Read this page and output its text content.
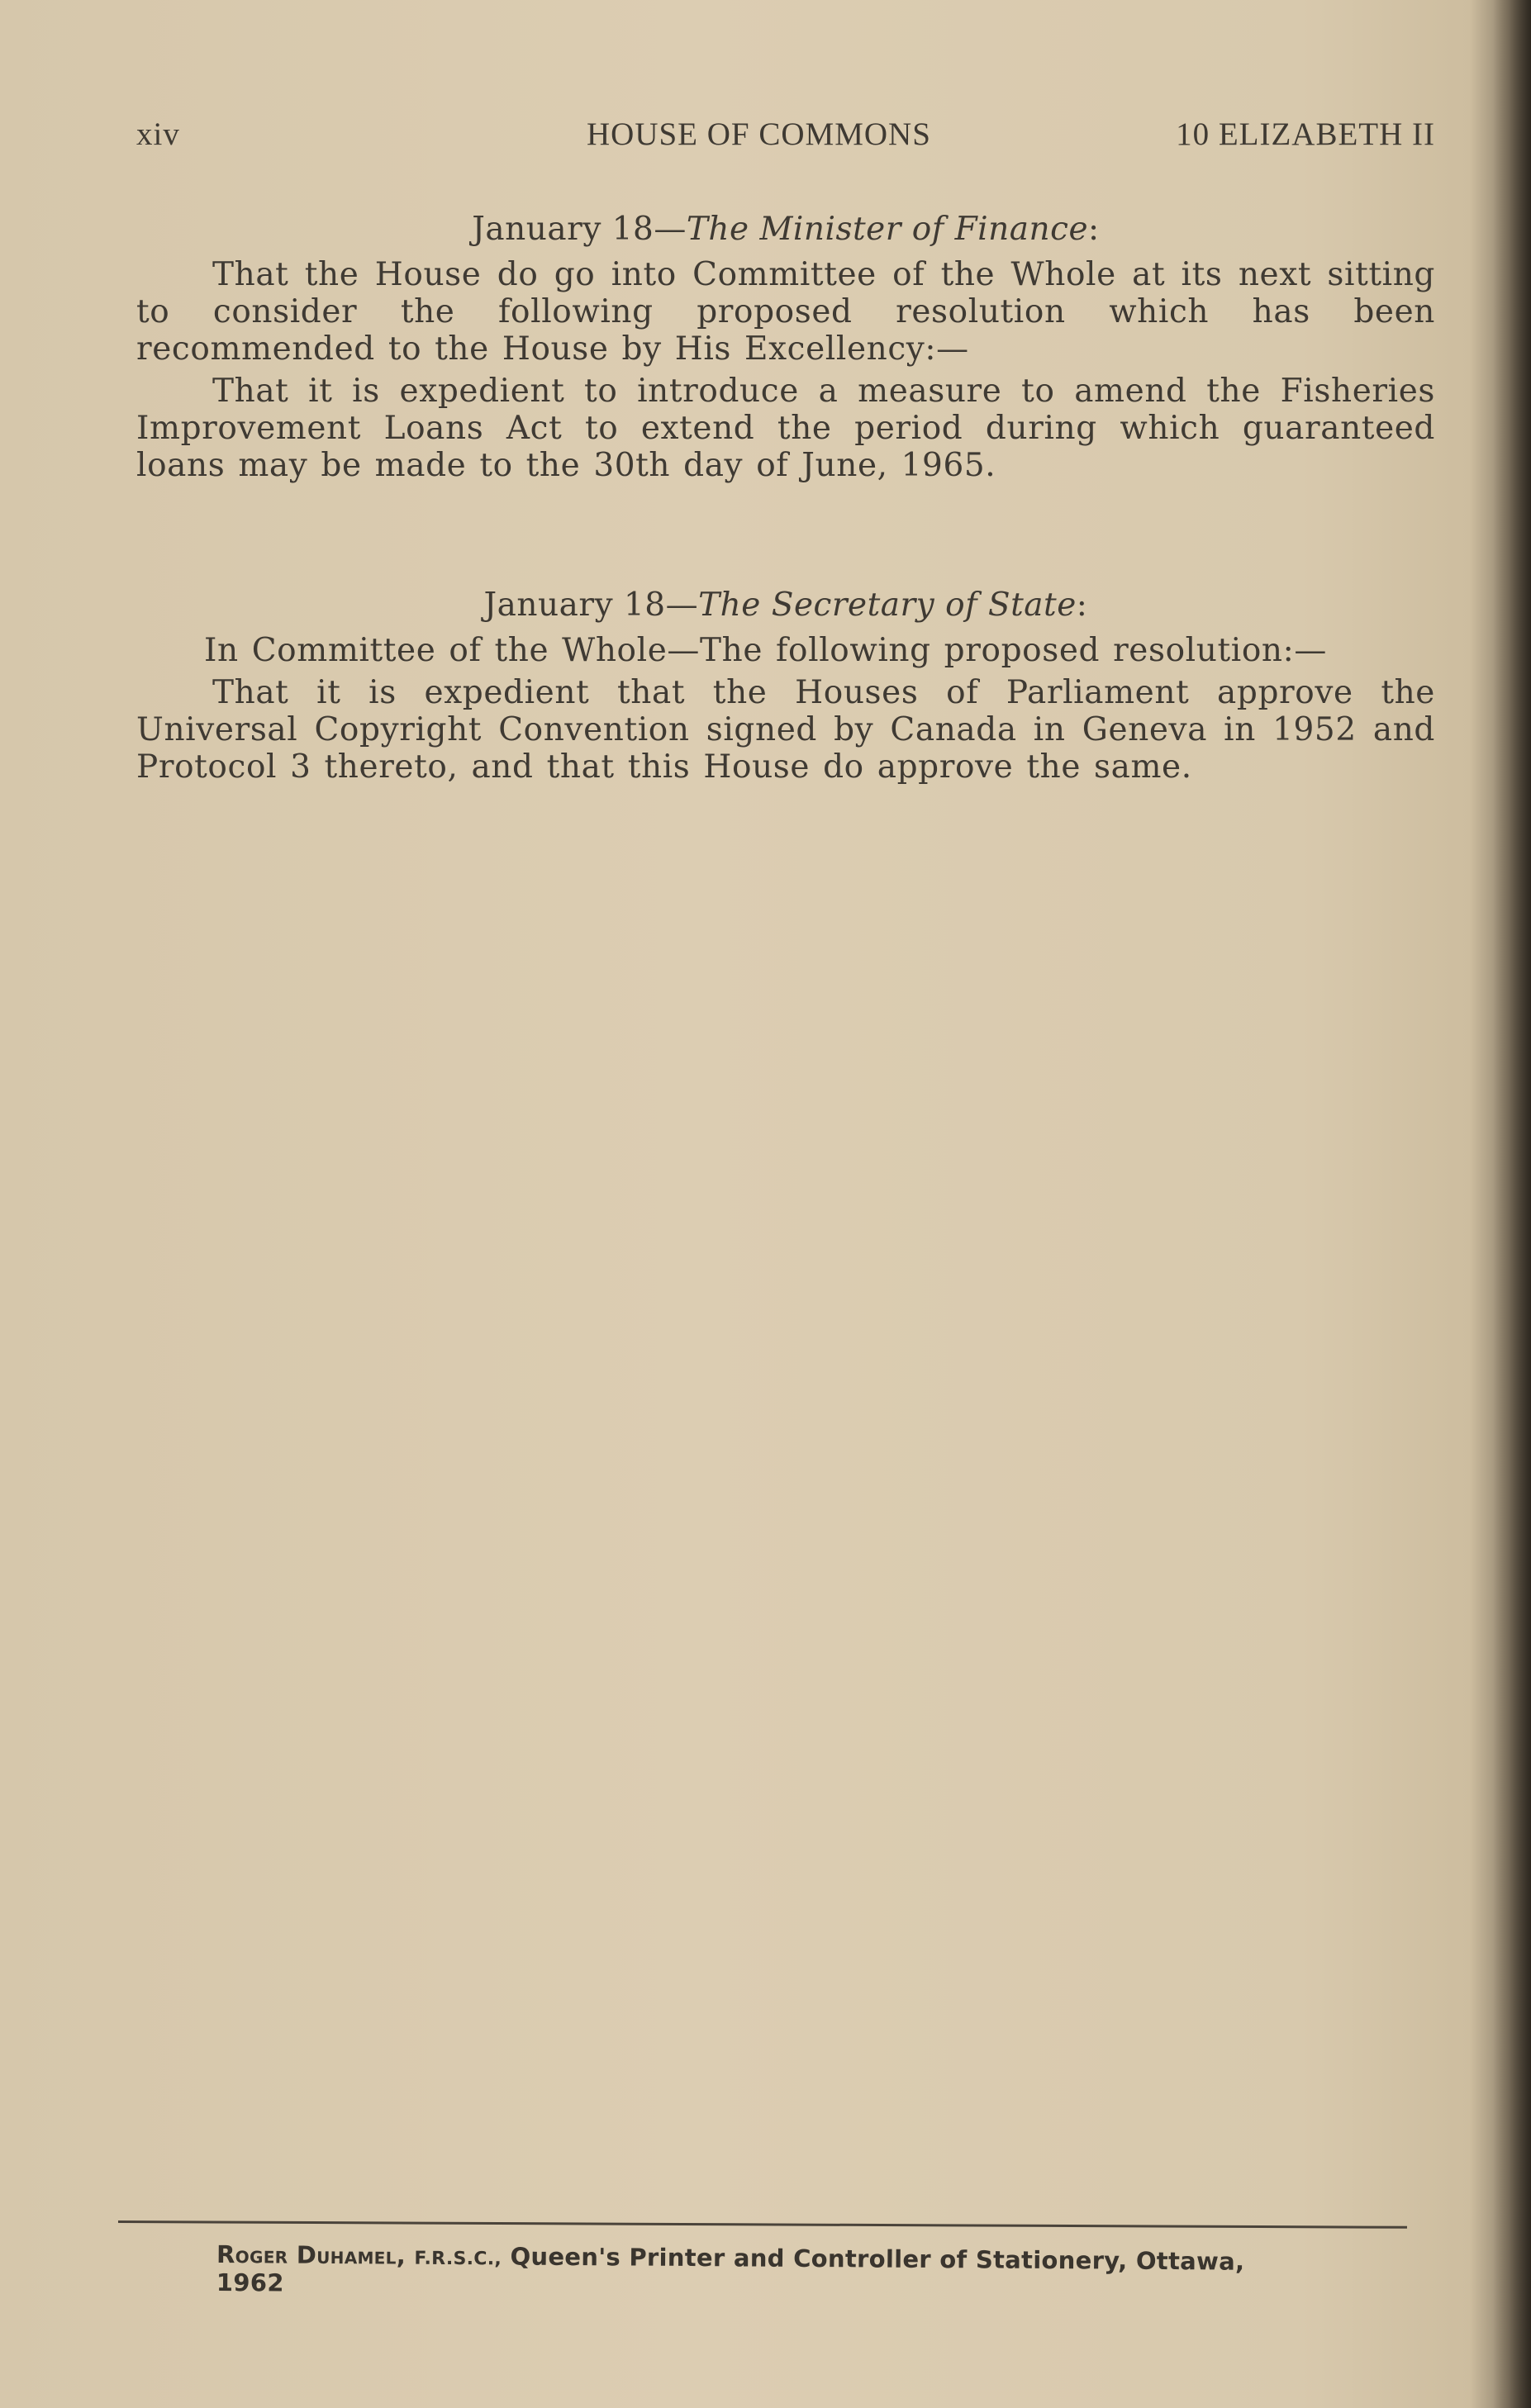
xiv	HOUSE OF COMMONS	10 ELIZABETH II
January 18—The Minister of Finance:

That the House do go into Committee of the Whole at its next sitting to consider the following proposed resolution which has been recommended to the House by His Excellency:—

That it is expedient to introduce a measure to amend the Fisheries Improvement Loans Act to extend the period during which guaranteed loans may be made to the 30th day of June, 1965.

January 18—The Secretary of State:

In Committee of the Whole—The following proposed resolution:—

That it is expedient that the Houses of Parliament approve the Universal Copyright Convention signed by Canada in Geneva in 1952 and Protocol 3 thereto, and that this House do approve the same.

Roger Duhamel, F.R.S.C., Queen's Printer and Controller of Stationery, Ottawa, 1962
